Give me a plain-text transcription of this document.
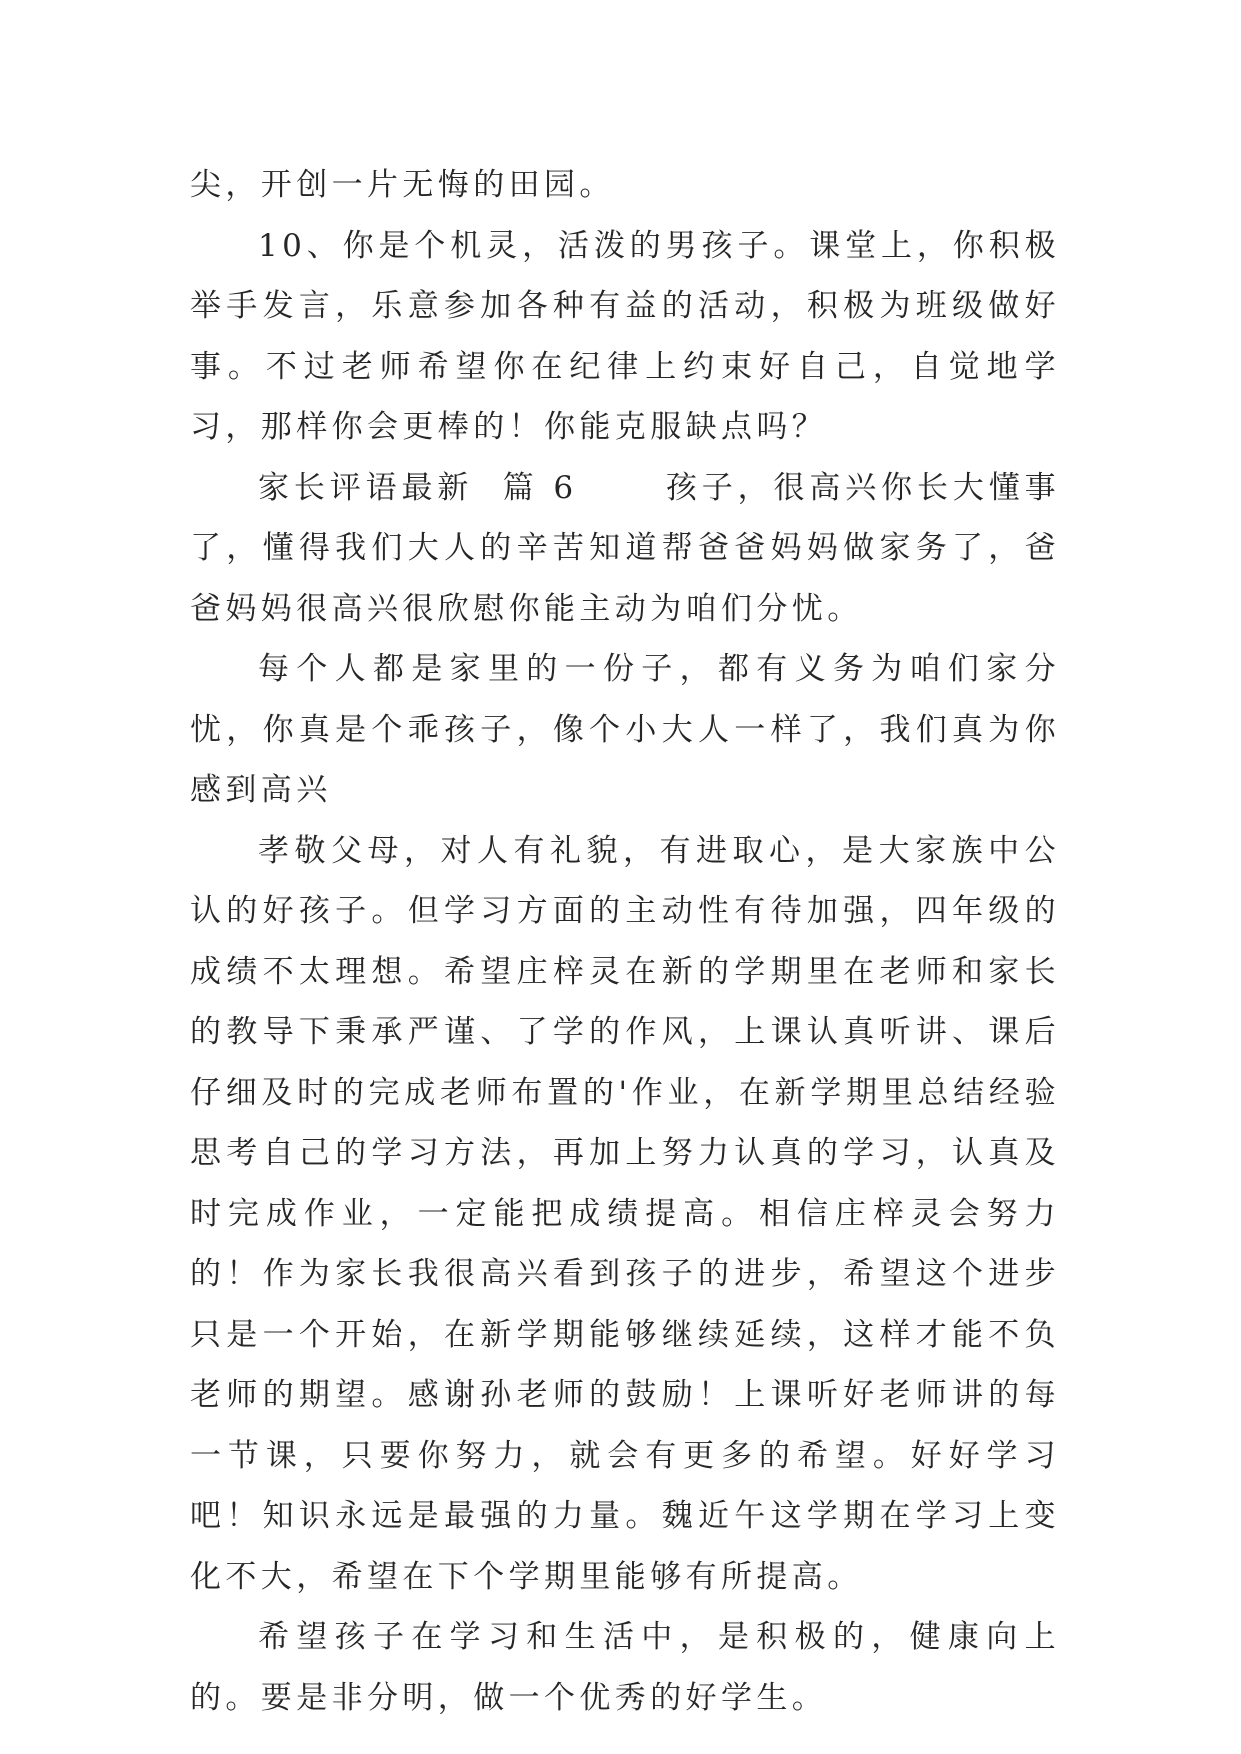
尖，开创一片无悔的田园。

10、你是个机灵，活泼的男孩子。课堂上，你积极举手发言，乐意参加各种有益的活动，积极为班级做好事。不过老师希望你在纪律上约束好自己，自觉地学习，那样你会更棒的！你能克服缺点吗？

家长评语最新  篇 6      孩子，很高兴你长大懂事了，懂得我们大人的辛苦知道帮爸爸妈妈做家务了，爸爸妈妈很高兴很欣慰你能主动为咱们分忧。

每个人都是家里的一份子，都有义务为咱们家分忧，你真是个乖孩子，像个小大人一样了，我们真为你感到高兴

孝敬父母，对人有礼貌，有进取心，是大家族中公认的好孩子。但学习方面的主动性有待加强，四年级的成绩不太理想。希望庄梓灵在新的学期里在老师和家长的教导下秉承严谨、了学的作风，上课认真听讲、课后仔细及时的完成老师布置的'作业，在新学期里总结经验思考自己的学习方法，再加上努力认真的学习，认真及时完成作业，一定能把成绩提高。相信庄梓灵会努力的！作为家长我很高兴看到孩子的进步，希望这个进步只是一个开始，在新学期能够继续延续，这样才能不负老师的期望。感谢孙老师的鼓励！上课听好老师讲的每一节课，只要你努力，就会有更多的希望。好好学习吧！知识永远是最强的力量。魏近午这学期在学习上变化不大，希望在下个学期里能够有所提高。

希望孩子在学习和生活中，是积极的，健康向上的。要是非分明，做一个优秀的好学生。
